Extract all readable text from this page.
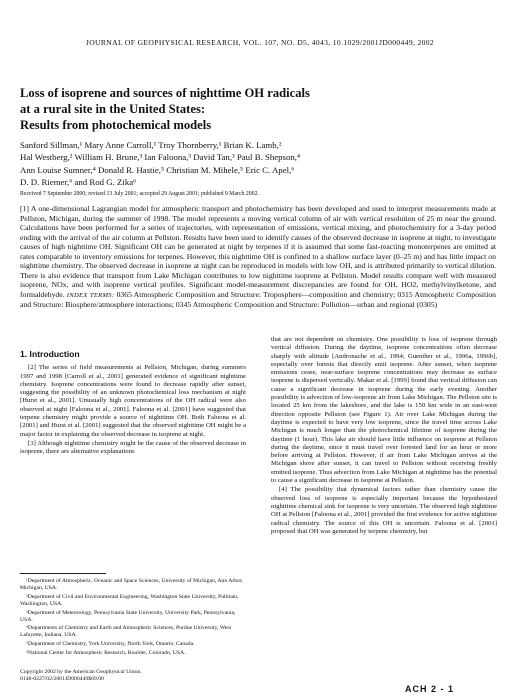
JOURNAL OF GEOPHYSICAL RESEARCH, VOL. 107, NO. D5, 4043, 10.1029/2001JD000449, 2002
Loss of isoprene and sources of nighttime OH radicals
at a rural site in the United States:
Results from photochemical models
Sanford Sillman,¹ Mary Anne Carroll,¹ Troy Thornberry,¹ Brian K. Lamb,²
Hal Westberg,² William H. Brune,³ Ian Faloona,³ David Tan,³ Paul B. Shepson,⁴
Ann Louise Sumner,⁴ Donald R. Hastie,⁵ Christian M. Mihele,⁵ Eric C. Apel,⁶
D. D. Riemer,⁶ and Rod G. Zika⁶
Received 7 September 2000; revised 13 July 2001; accepted 29 August 2001; published 9 March 2002.
[1] A one-dimensional Lagrangian model for atmospheric transport and photochemistry has been developed and used to interpret measurements made at Pellston, Michigan, during the summer of 1998. The model represents a moving vertical column of air with vertical resolution of 25 m near the ground. Calculations have been performed for a series of trajectories, with representation of emissions, vertical mixing, and photochemistry for a 3-day period ending with the arrival of the air column at Pellston. Results have been used to identify causes of the observed decrease in isoprene at night, to investigate causes of high nighttime OH. Significant OH can be generated at night by terpenes if it is assumed that some fast-reacting monoterpenes are emitted at rates comparable to inventory emissions for terpenes. However, this nighttime OH is confined to a shallow surface layer (0–25 m) and has little impact on nighttime chemistry. The observed decrease in isoprene at night can be reproduced in models with low OH, and is attributed primarily to vertical dilution. There is also evidence that transport from Lake Michigan contributes to low nighttime isoprene at Pellston. Model results compare well with measured isoprene, NOx, and with isoprene vertical profiles. Significant model-measurement discrepancies are found for OH, HO2, methylvinylketone, and formaldehyde. INDEX TERMS: 0365 Atmospheric Composition and Structure: Troposphere—composition and chemistry; 0315 Atmospheric Composition and Structure: Biosphere/atmosphere interactions; 0345 Atmospheric Composition and Structure: Pollution—urban and regional (0305)
1. Introduction

[2] The series of field measurements at Pellston, Michigan, during summers 1997 and 1998 [Carroll et al., 2001] generated evidence of significant nighttime chemistry. Isoprene concentrations were found to decrease rapidly after sunset, suggesting the possibility of an unknown photochemical loss mechanism at night [Hurst et al., 2001]. Unusually high concentrations of the OH radical were also observed at night [Faloona et al., 2001]. Faloona et al. [2001] have suggested that terpene chemistry might provide a source of nighttime OH. Both Faloona et al. [2001] and Hurst et al. [2001] suggested that the observed nighttime OH might be a major factor in explaining the observed decrease in isoprene at night.

[3] Although nighttime chemistry might be the cause of the observed decrease in isoprene, there are alternative explanations

¹Department of Atmospheric, Oceanic and Space Sciences, University of Michigan, Ann Arbor, Michigan, USA.

²Department of Civil and Environmental Engineering, Washington State University, Pullman, Washington, USA.

³Department of Meteorology, Pennsylvania State University, University Park, Pennsylvania, USA.

⁴Departments of Chemistry and Earth and Atmospheric Sciences, Purdue University, West Lafayette, Indiana, USA.

⁵Department of Chemistry, York University, North York, Ontario, Canada.

⁶National Center for Atmospheric Research, Boulder, Colorado, USA.

Copyright 2002 by the American Geophysical Union.
0148-0227/02/2001JD000449$09.00

that are not dependent on chemistry. One possibility is loss of isoprene through vertical diffusion. During the daytime, isoprene concentrations often decrease sharply with altitude [Andronache et al., 1994; Guenther et al., 1996a, 1996b], especially over forests that directly emit isoprene. After sunset, when isoprene emissions cease, near-surface isoprene concentrations may decrease as surface isoprene is dispersed vertically. Makar et al. [1999] found that vertical diffusion can cause a significant decrease in isoprene during the early evening. Another possibility is advection of low-isoprene air from Lake Michigan. The Pellston site is located 25 km from the lakeshore, and the lake is 150 km wide in an east-west direction opposite Pellston (see Figure 1). Air over Lake Michigan during the daytime is expected to have very low isoprene, since the travel time across Lake Michigan is much longer than the photochemical lifetime of isoprene during the daytime (1 hour). This lake air should have little influence on isoprene at Pellston during the daytime, since it must travel over forested land for an hour or more before arriving at Pellston. However, if air from Lake Michigan arrives at the Michigan shore after sunset, it can travel to Pellston without receiving freshly emitted isoprene. Thus advection from Lake Michigan at nighttime has the potential to cause a significant decrease in isoprene at Pellston.

[4] The possibility that dynamical factors rather than chemistry cause the observed loss of isoprene is especially important because the hypothesized nighttime chemical sink for isoprene is very uncertain. The observed high nighttime OH at Pellston [Faloona et al., 2001] provided the first evidence for active nighttime radical chemistry. The source of this OH is uncertain. Faloona et al. [2001] proposed that OH was generated by terpene chemistry, but

ACH 2 - 1
